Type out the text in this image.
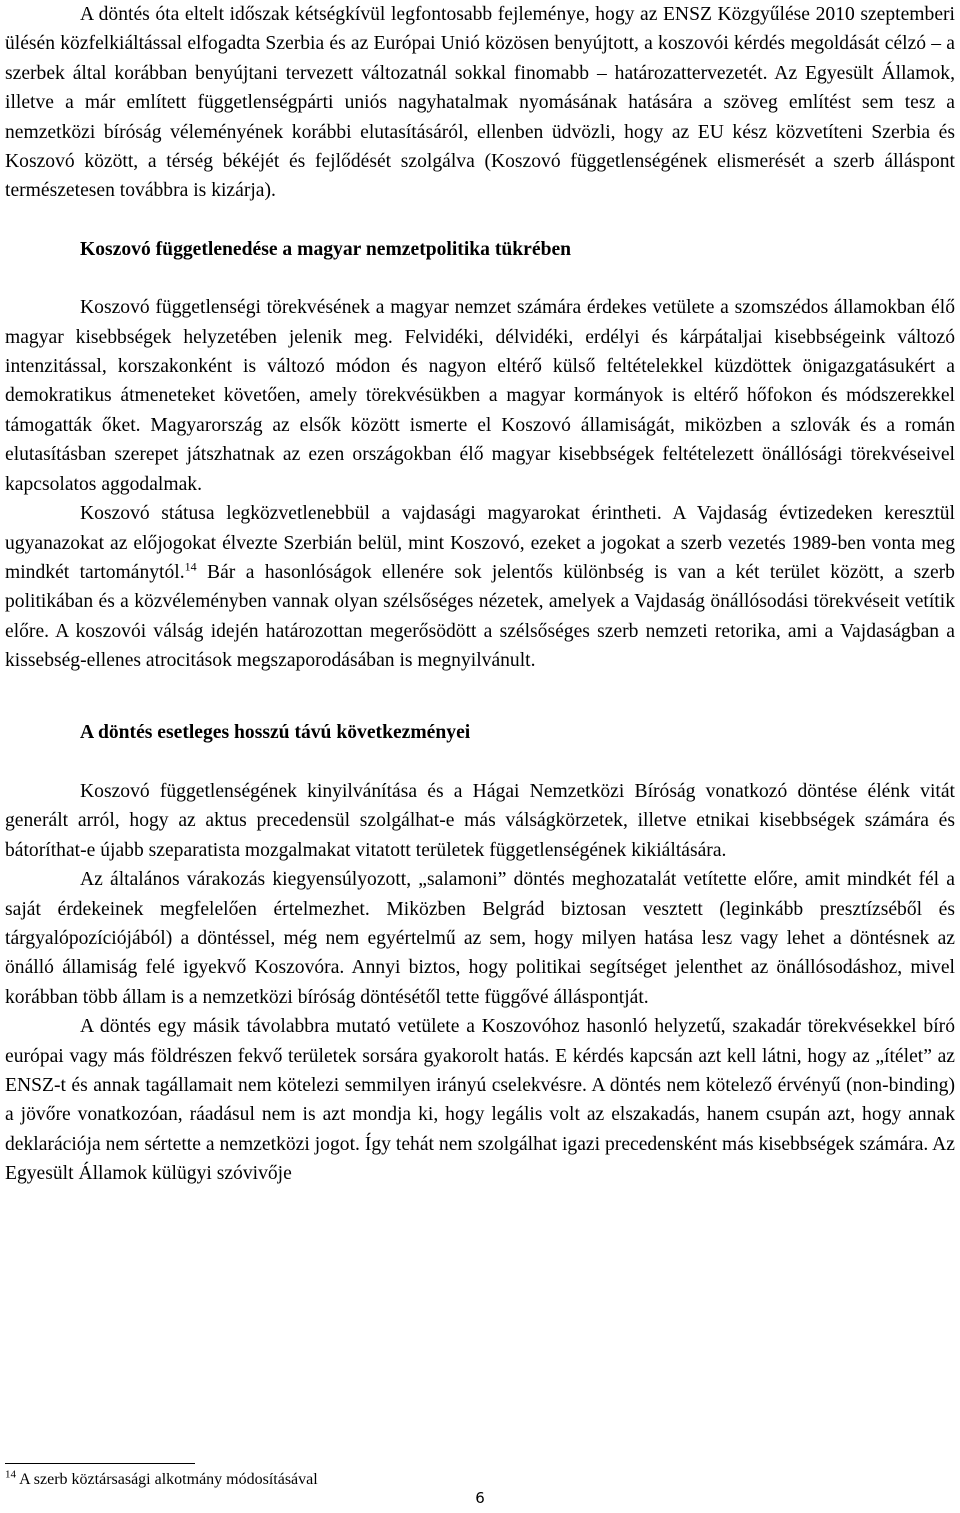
A döntés óta eltelt időszak kétségkívül legfontosabb fejleménye, hogy az ENSZ Közgyűlése 2010 szeptemberi ülésén közfelkiáltással elfogadta Szerbia és az Európai Unió közösen benyújtott, a koszovói kérdés megoldását célzó – a szerbek által korábban benyújtani tervezett változatnál sokkal finomabb – határozattervezetét. Az Egyesült Államok, illetve a már említett függetlenségpárti uniós nagyhatalmak nyomásának hatására a szöveg említést sem tesz a nemzetközi bíróság véleményének korábbi elutasításáról, ellenben üdvözli, hogy az EU kész közvetíteni Szerbia és Koszovó között, a térség békéjét és fejlődését szolgálva (Koszovó függetlenségének elismerését a szerb álláspont természetesen továbbra is kizárja).

Koszovó függetlenedése a magyar nemzetpolitika tükrében

Koszovó függetlenségi törekvésének a magyar nemzet számára érdekes vetülete a szomszédos államokban élő magyar kisebbségek helyzetében jelenik meg. Felvidéki, délvidéki, erdélyi és kárpátaljai kisebbségeink változó intenzitással, korszakonként is változó módon és nagyon eltérő külső feltételekkel küzdöttek önigazgatásukért a demokratikus átmeneteket követően, amely törekvésükben a magyar kormányok is eltérő hőfokon és módszerekkel támogatták őket. Magyarország az elsők között ismerte el Koszovó államiságát, miközben a szlovák és a román elutasításban szerepet játszhatnak az ezen országokban élő magyar kisebbségek feltételezett önállósági törekvéseivel kapcsolatos aggodalmak.

Koszovó státusa legközvetlenebbül a vajdasági magyarokat érintheti. A Vajdaság évtizedeken keresztül ugyanazokat az előjogokat élvezte Szerbián belül, mint Koszovó, ezeket a jogokat a szerb vezetés 1989-ben vonta meg mindkét tartománytól.$^{14}$ Bár a hasonlóságok ellenére sok jelentős különbség is van a két terület között, a szerb politikában és a közvéleményben vannak olyan szélsőséges nézetek, amelyek a Vajdaság önállósodási törekvéseit vetítik előre. A koszovói válság idején határozottan megerősödött a szélsőséges szerb nemzeti retorika, ami a Vajdaságban a kissebség-ellenes atrocitások megszaporodásában is megnyilvánult.

A döntés esetleges hosszú távú következményei

Koszovó függetlenségének kinyilvánítása és a Hágai Nemzetközi Bíróság vonatkozó döntése élénk vitát generált arról, hogy az aktus precedensül szolgálhat-e más válságkörzetek, illetve etnikai kisebbségek számára és bátoríthat-e újabb szeparatista mozgalmakat vitatott területek függetlenségének kikiáltására.

Az általános várakozás kiegyensúlyozott, „salamoni” döntés meghozatalát vetítette előre, amit mindkét fél a saját érdekeinek megfelelően értelmezhet. Miközben Belgrád biztosan vesztett (leginkább presztízséből és tárgyalópozíciójából) a döntéssel, még nem egyértelmű az sem, hogy milyen hatása lesz vagy lehet a döntésnek az önálló államiság felé igyekvő Koszovóra. Annyi biztos, hogy politikai segítséget jelenthet az önállósodáshoz, mivel korábban több állam is a nemzetközi bíróság döntésétől tette függővé álláspontját.

A döntés egy másik távolabbra mutató vetülete a Koszovóhoz hasonló helyzetű, szakadár törekvésekkel bíró európai vagy más földrészen fekvő területek sorsára gyakorolt hatás. E kérdés kapcsán azt kell látni, hogy az „ítélet” az ENSZ-t és annak tagállamait nem kötelezi semmilyen irányú cselekvésre. A döntés nem kötelező érvényű (non-binding) a jövőre vonatkozóan, ráadásul nem is azt mondja ki, hogy legális volt az elszakadás, hanem csupán azt, hogy annak deklarációja nem sértette a nemzetközi jogot. Így tehát nem szolgálhat igazi precedensként más kisebbségek számára. Az Egyesült Államok külügyi szóvivője

$^{14}$ A szerb köztársasági alkotmány módosításával
6
